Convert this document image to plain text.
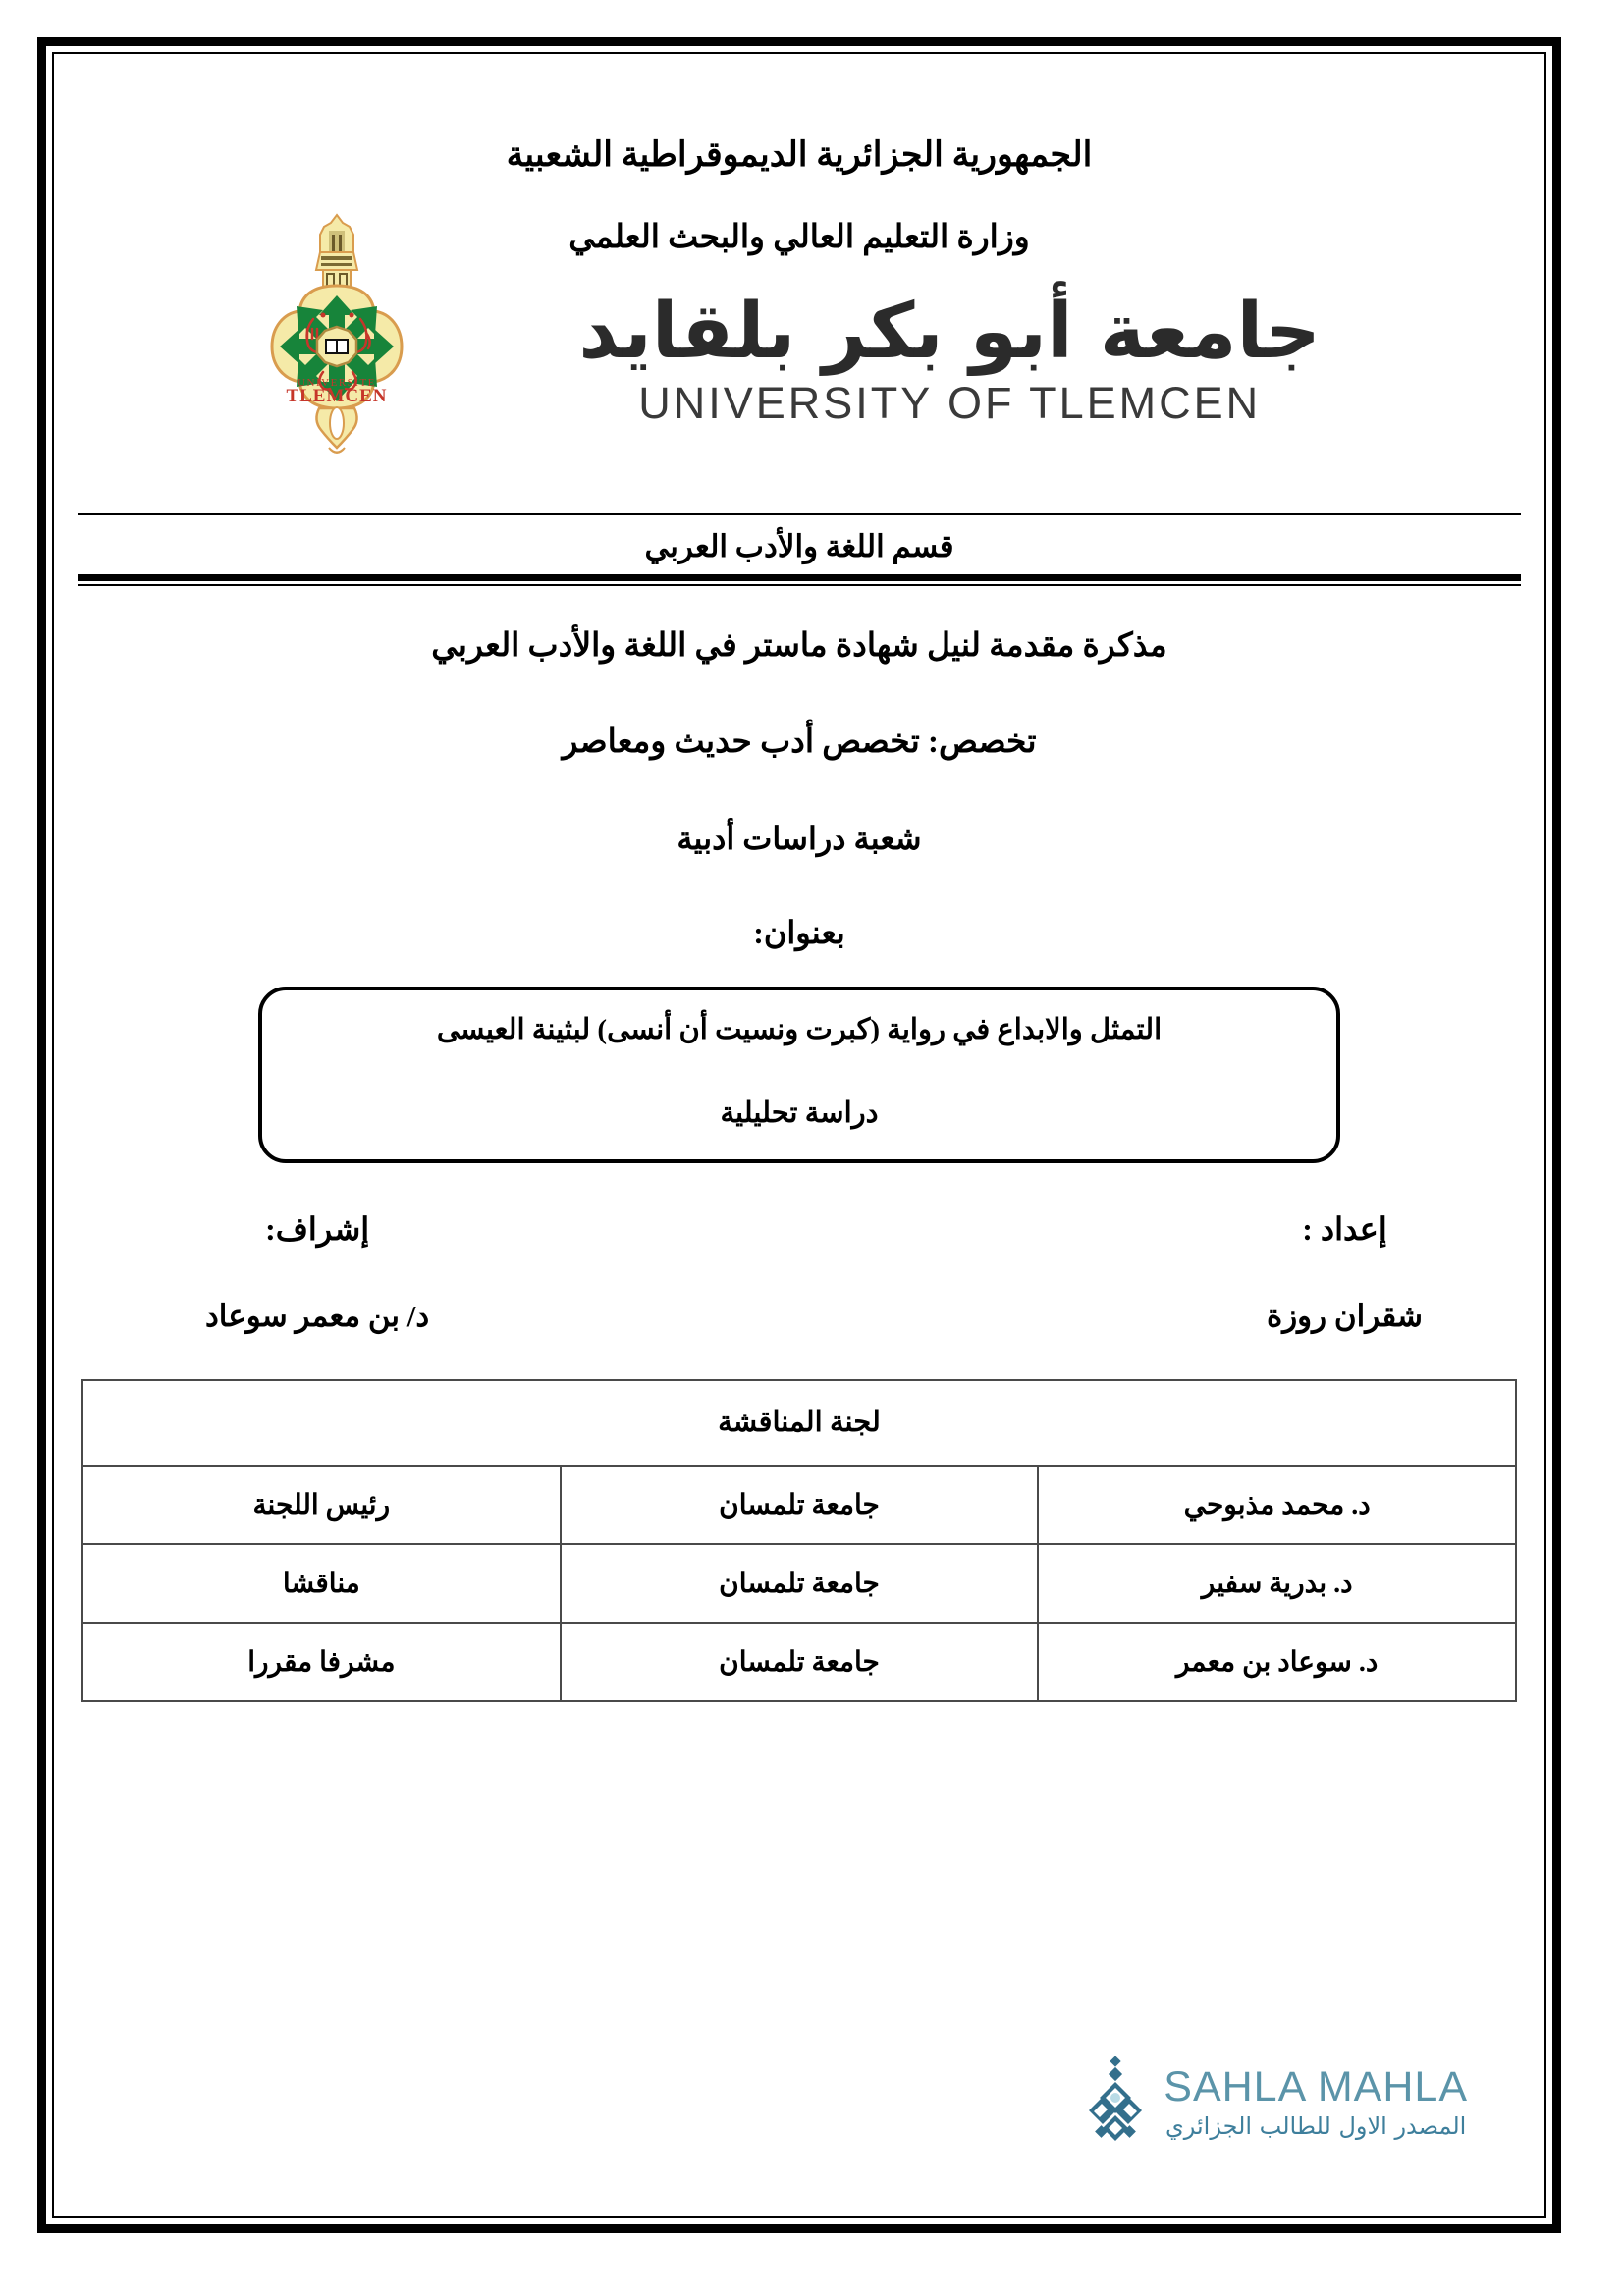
الجمهورية الجزائرية الديموقراطية الشعبية
وزارة التعليم العالي والبحث العلمي
جامعة أبو بكر بلقايد
UNIVERSITY OF TLEMCEN
UNIVERSITE
TLEMCEN
قسم اللغة والأدب العربي
مذكرة مقدمة لنيل شهادة ماستر في اللغة والأدب العربي
تخصص: تخصص أدب حديث ومعاصر
شعبة دراسات أدبية
بعنوان:
التمثل والابداع في رواية (كبرت ونسيت أن أنسى) لبثينة العيسى
دراسة تحليلية
إعداد :
شقران روزة
إشراف:
د/ بن معمر سوعاد
لجنة المناقشة		
د. محمد مذبوحي	جامعة تلمسان	رئيس اللجنة
د. بدرية سفير	جامعة تلمسان	مناقشا
د. سوعاد بن معمر	جامعة تلمسان	مشرفا مقررا
SAHLA MAHLA
المصدر الاول للطالب الجزائري
